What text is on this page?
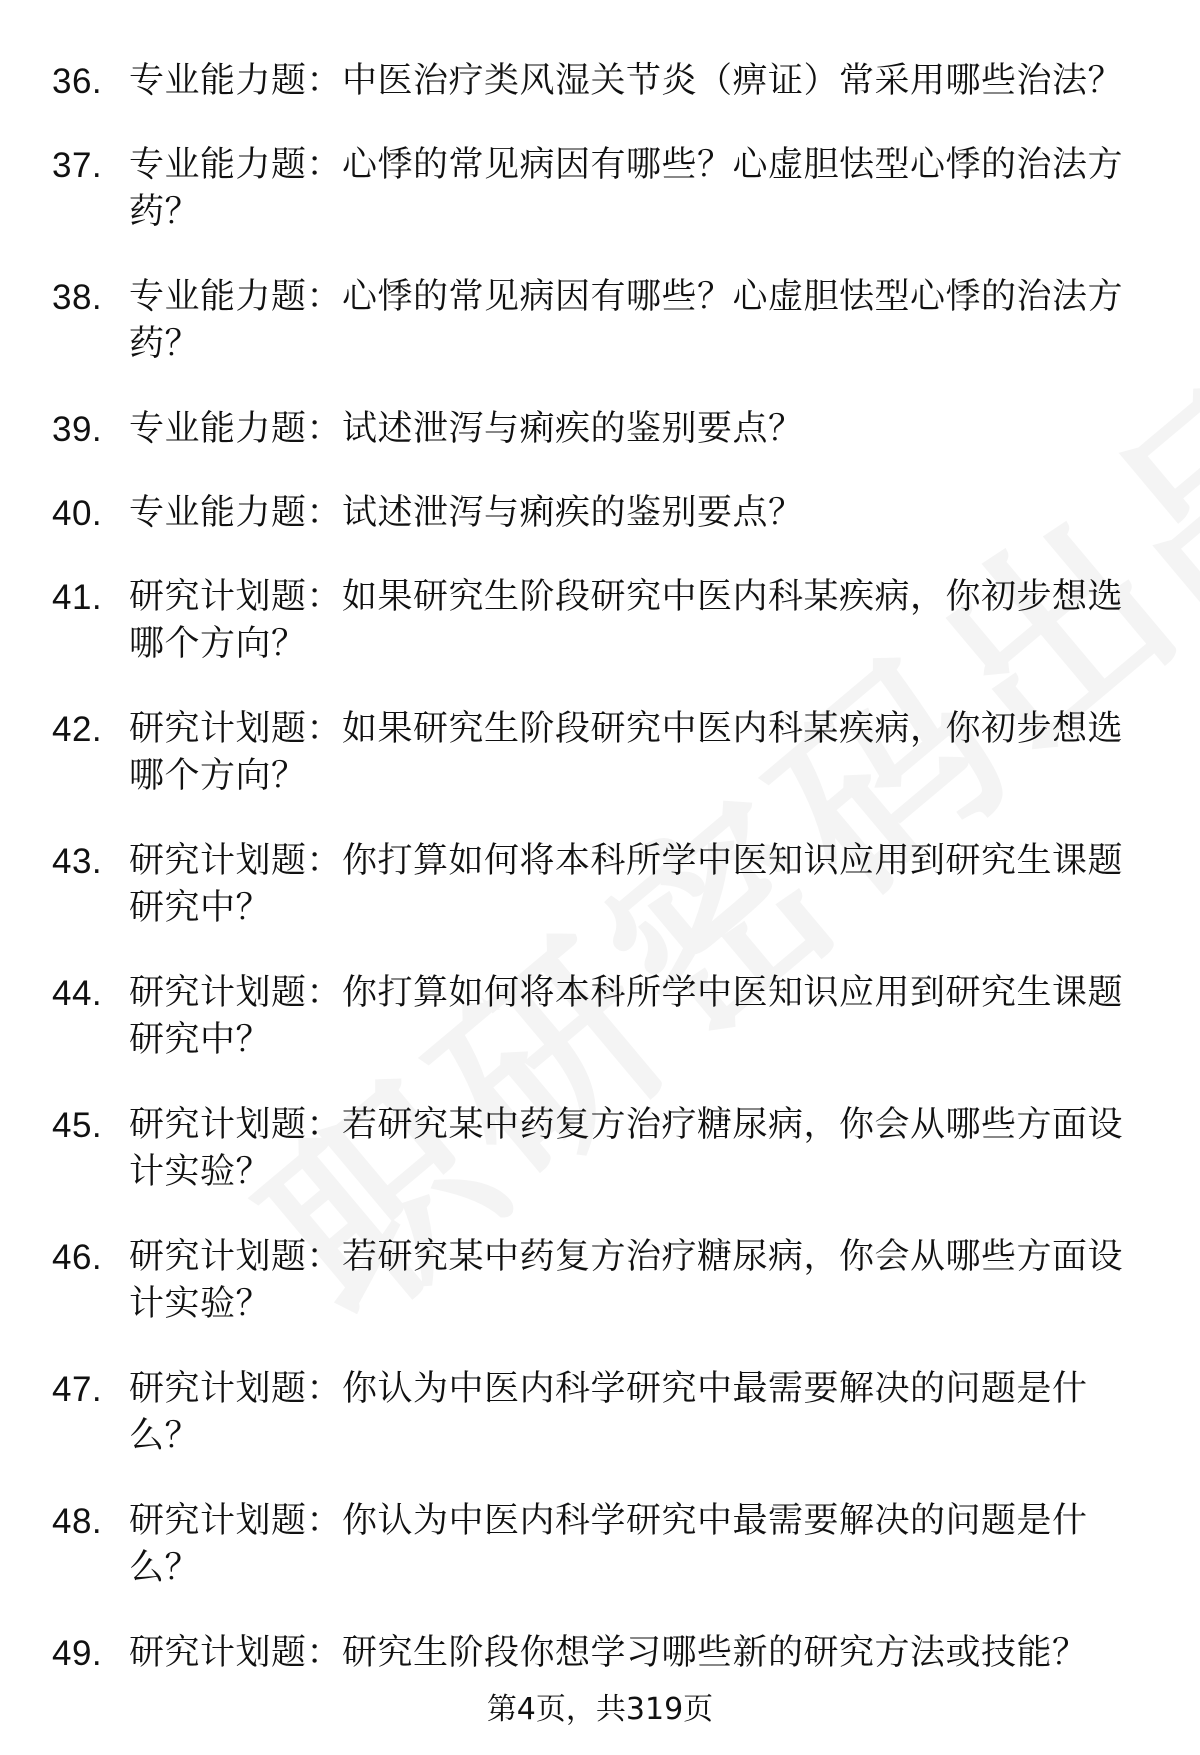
36. 专业能力题：中医治疗类风湿关节炎（痹证）常采用哪些治法？
37. 专业能力题：心悸的常见病因有哪些？心虚胆怯型心悸的治法方药？
38. 专业能力题：心悸的常见病因有哪些？心虚胆怯型心悸的治法方药？
39. 专业能力题：试述泄泻与痢疾的鉴别要点？
40. 专业能力题：试述泄泻与痢疾的鉴别要点？
41. 研究计划题：如果研究生阶段研究中医内科某疾病，你初步想选哪个方向？
42. 研究计划题：如果研究生阶段研究中医内科某疾病，你初步想选哪个方向？
43. 研究计划题：你打算如何将本科所学中医知识应用到研究生课题研究中？
44. 研究计划题：你打算如何将本科所学中医知识应用到研究生课题研究中？
45. 研究计划题：若研究某中药复方治疗糖尿病，你会从哪些方面设计实验？
46. 研究计划题：若研究某中药复方治疗糖尿病，你会从哪些方面设计实验？
47. 研究计划题：你认为中医内科学研究中最需要解决的问题是什么？
48. 研究计划题：你认为中医内科学研究中最需要解决的问题是什么？
49. 研究计划题：研究生阶段你想学习哪些新的研究方法或技能？
第4页，共319页
